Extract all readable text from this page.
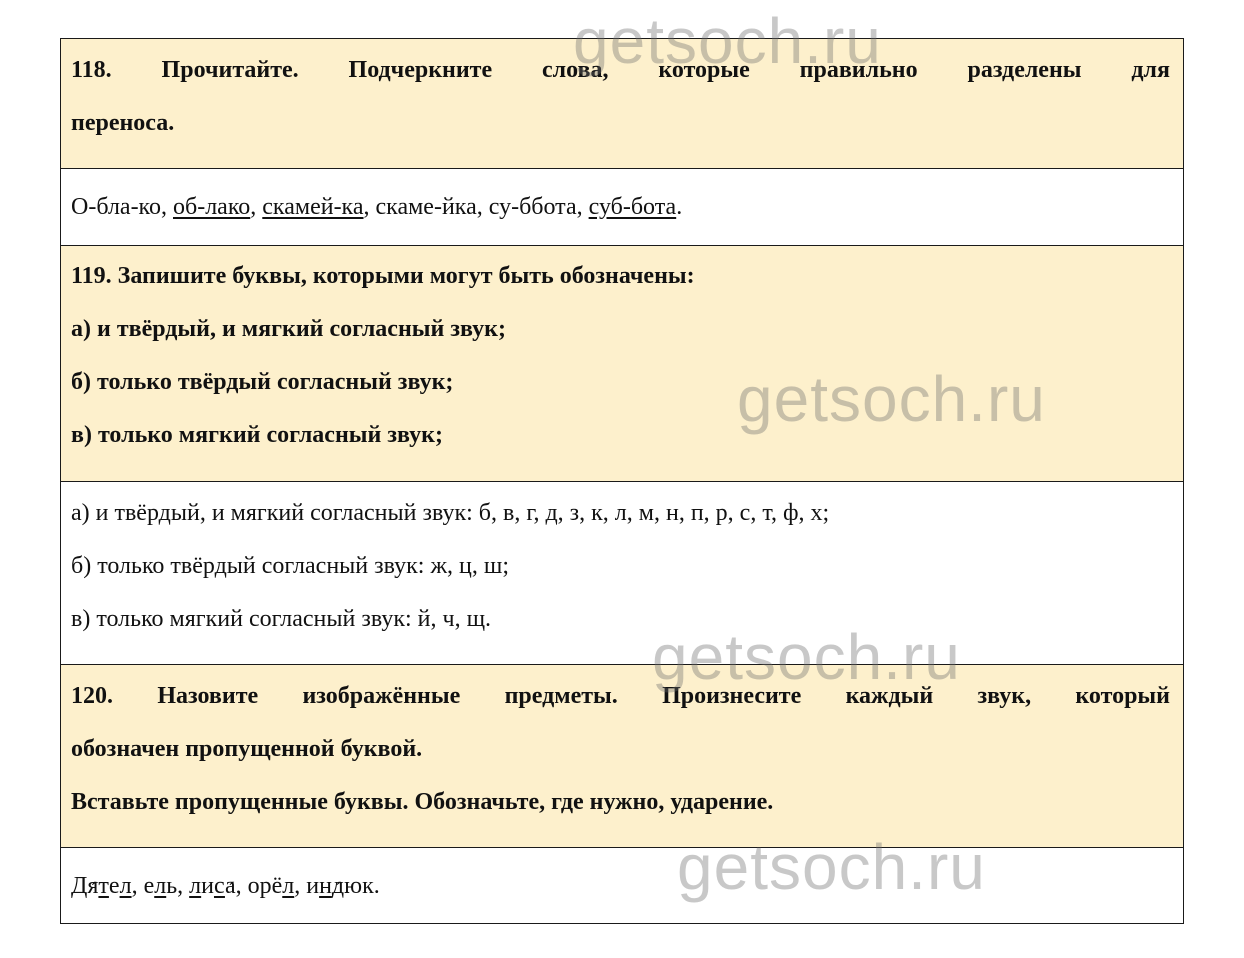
118. Прочитайте. Подчеркните слова, которые правильно разделены для
переноса.
О-бла-ко, об-лако, скамей-ка, скаме-йка, су-ббота, суб-бота.
119. Запишите буквы, которыми могут быть обозначены:
а) и твёрдый, и мягкий согласный звук;
б) только твёрдый согласный звук;
в) только мягкий согласный звук;
а) и твёрдый, и мягкий согласный звук: б, в, г, д, з, к, л, м, н, п, р, с, т, ф, х;
б) только твёрдый согласный звук: ж, ц, ш;
в) только мягкий согласный звук: й, ч, щ.
120. Назовите изображённые предметы. Произнесите каждый звук, который
обозначен пропущенной буквой.
Вставьте пропущенные буквы. Обозначьте, где нужно, ударение.
Дя ´тел, ель, лиса ´, орёл, индю ´к.
getsoch.ru
getsoch.ru
getsoch.ru
getsoch.ru
